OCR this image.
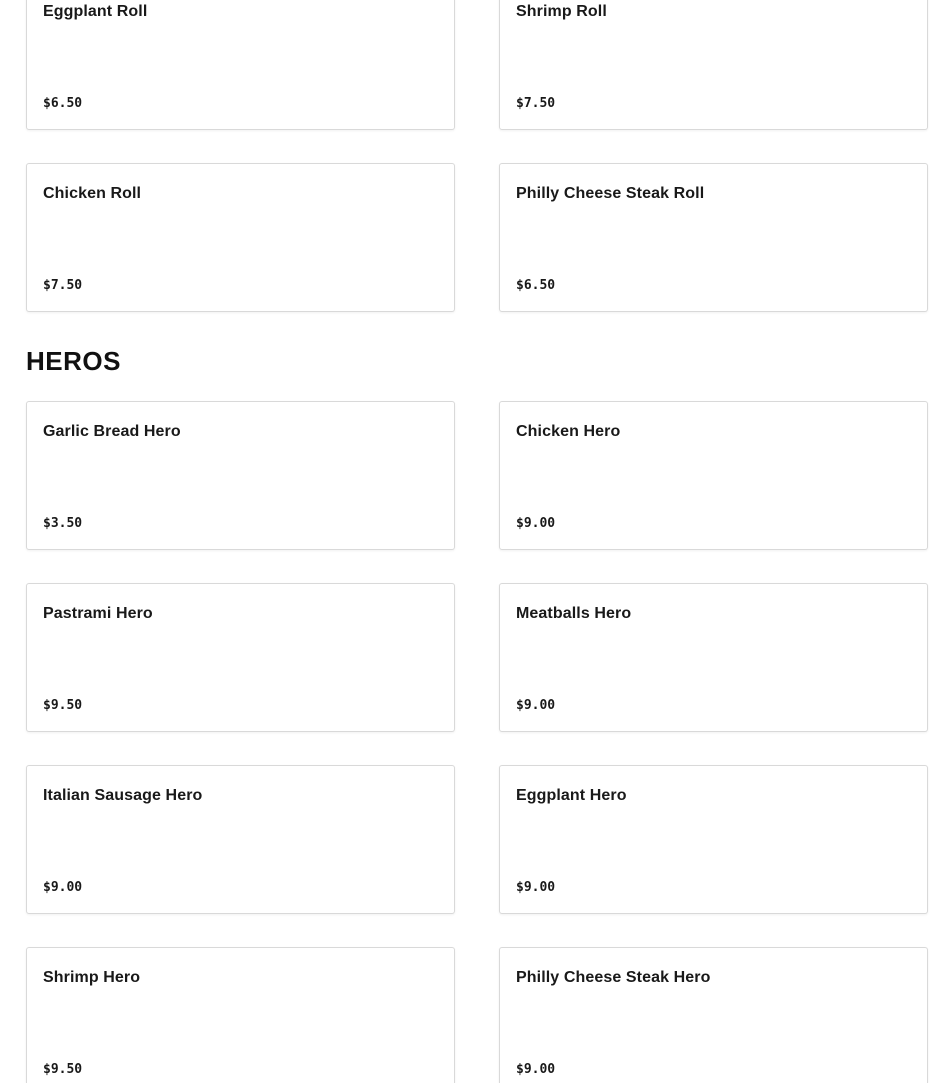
Eggplant Roll
$6.50
Shrimp Roll
$7.50
Chicken Roll
$7.50
Philly Cheese Steak Roll
$6.50
HEROS
Garlic Bread Hero
$3.50
Chicken Hero
$9.00
Pastrami Hero
$9.50
Meatballs Hero
$9.00
Italian Sausage Hero
$9.00
Eggplant Hero
$9.00
Shrimp Hero
$9.50
Philly Cheese Steak Hero
$9.00
